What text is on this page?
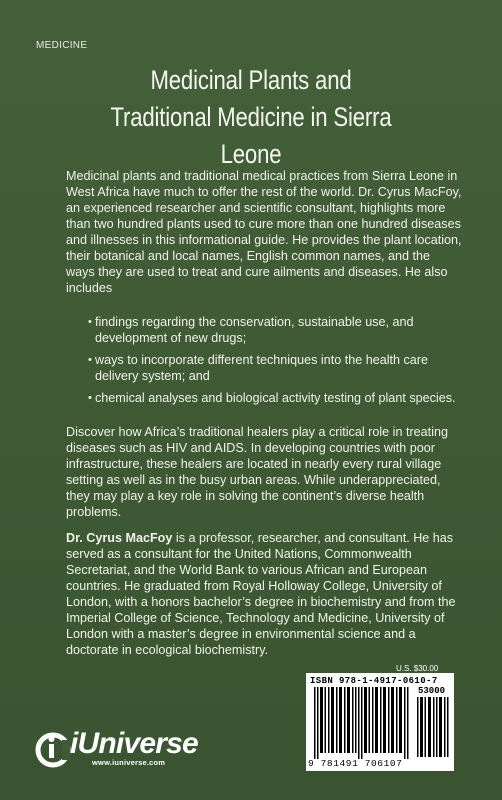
MEDICINE
Medicinal Plants and
Traditional Medicine in Sierra Leone

Medicinal plants and traditional medical practices from Sierra Leone in West Africa have much to offer the rest of the world. Dr. Cyrus MacFoy, an experienced researcher and scientific consultant, highlights more than two hundred plants used to cure more than one hundred diseases and illnesses in this informational guide. He provides the plant location, their botanical and local names, English common names, and the ways they are used to treat and cure ailments and diseases. He also includes

• findings regarding the conservation, sustainable use, and development of new drugs;
• ways to incorporate different techniques into the health care delivery system; and
• chemical analyses and biological activity testing of plant species.

Discover how Africa’s traditional healers play a critical role in treating diseases such as HIV and AIDS. In developing countries with poor infrastructure, these healers are located in nearly every rural village setting as well as in the busy urban areas. While underappreciated, they may play a key role in solving the continent’s diverse health problems.

Dr. Cyrus MacFoy is a professor, researcher, and consultant. He has served as a consultant for the United Nations, Commonwealth Secretariat, and the World Bank to various African and European countries. He graduated from Royal Holloway College, University of London, with a honors bachelor’s degree in biochemistry and from the Imperial College of Science, Technology and Medicine, University of London with a master’s degree in environmental science and a doctorate in ecological biochemistry.

U.S. $30.00
ISBN 978-1-4917-0610-7
53000
9 781491 706107
iUniverse
www.iuniverse.com
